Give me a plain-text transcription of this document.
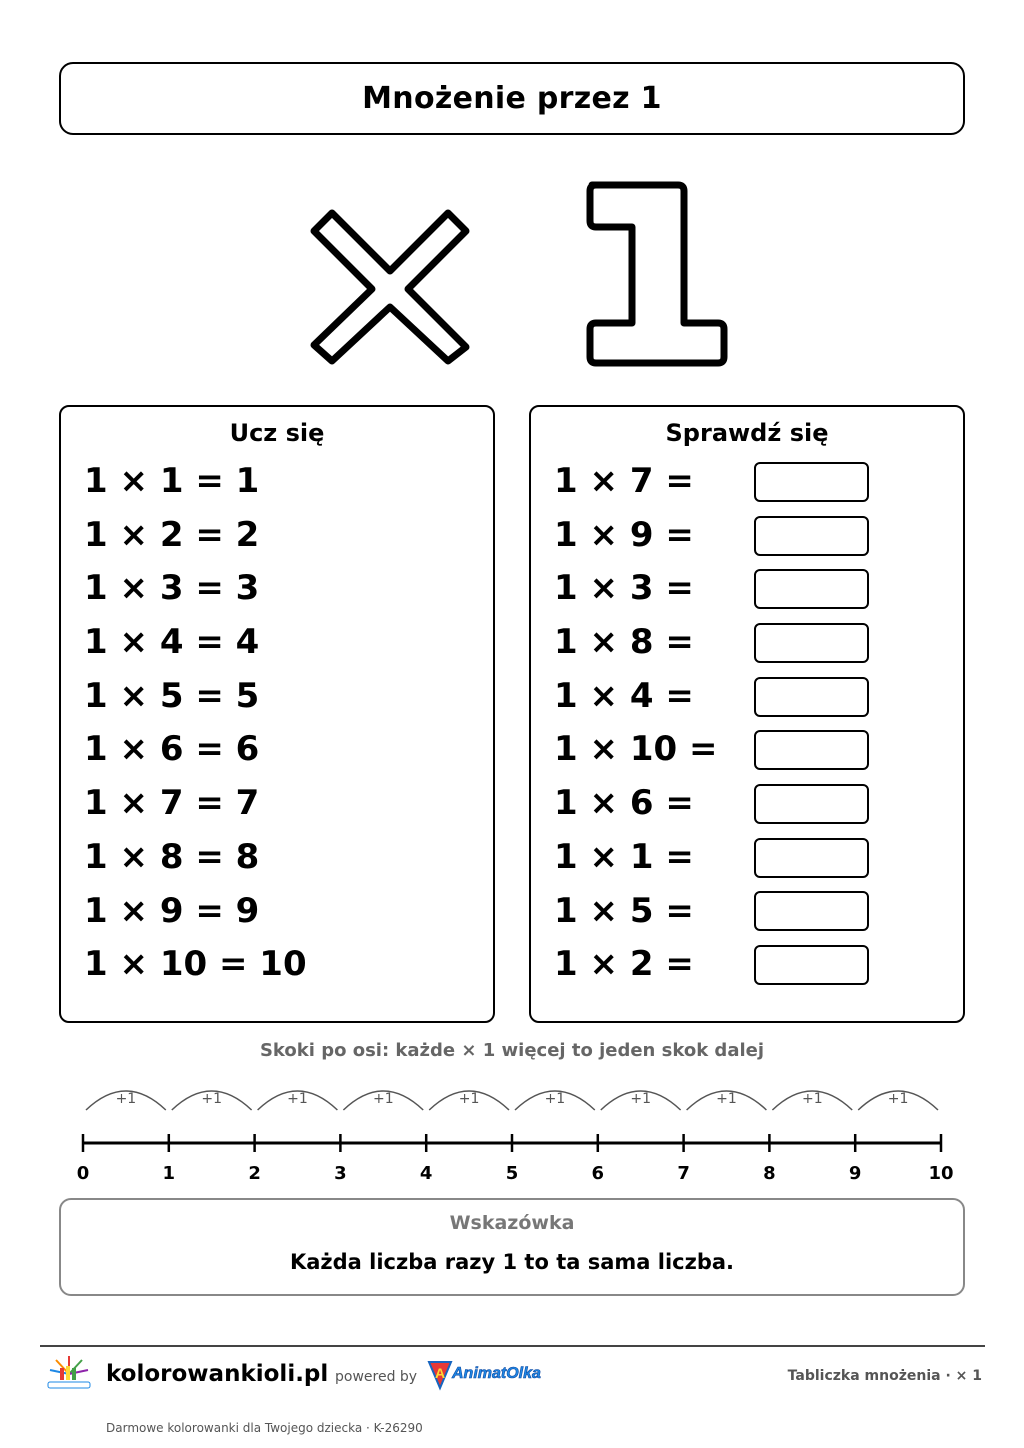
Mnożenie przez 1
Ucz się
1 × 1 = 1
1 × 2 = 2
1 × 3 = 3
1 × 4 = 4
1 × 5 = 5
1 × 6 = 6
1 × 7 = 7
1 × 8 = 8
1 × 9 = 9
1 × 10 = 10
Sprawdź się
1 × 7 =
1 × 9 =
1 × 3 =
1 × 8 =
1 × 4 =
1 × 10 =
1 × 6 =
1 × 1 =
1 × 5 =
1 × 2 =
Skoki po osi: każde × 1 więcej to jeden skok dalej
0
+1
1
+1
2
+1
3
+1
4
+1
5
+1
6
+1
7
+1
8
+1
9
+1
10
Wskazówka
Każda liczba razy 1 to ta sama liczba.
kolorowankioli.pl powered by A AnimatOlka	Tabliczka mnożenia · × 1
Darmowe kolorowanki dla Twojego dziecka · K-26290
